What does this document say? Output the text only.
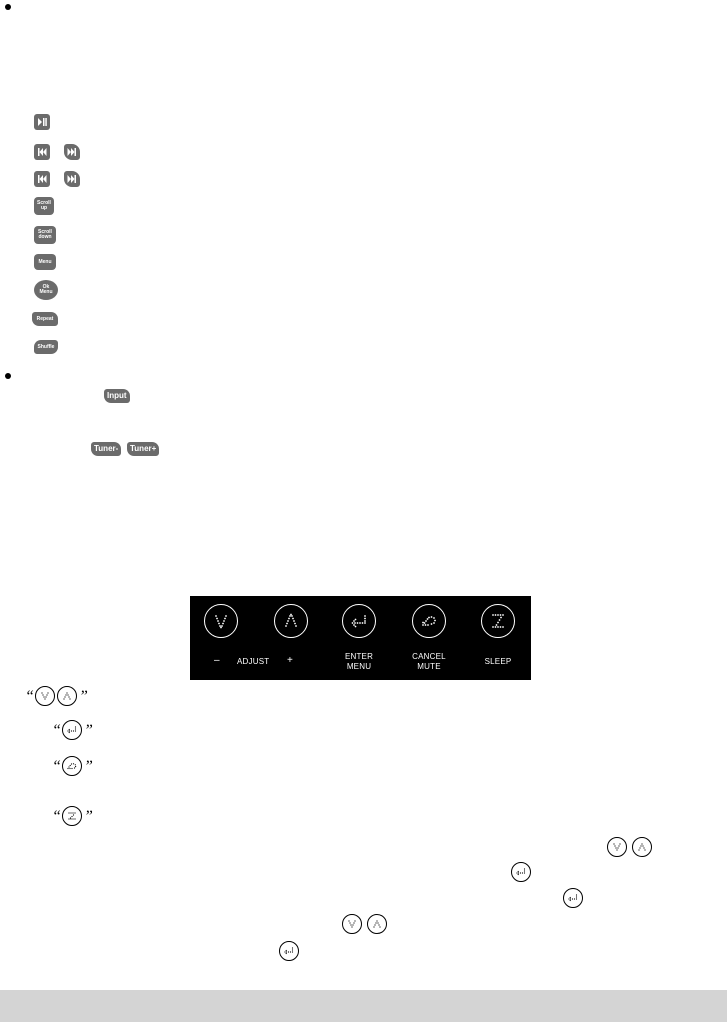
Scroll
up
Scroll
down
Menu
Ok
Menu
Repeat
Shuffle
Input
Tuner-	Tuner+
– ADJUST +	ENTER
MENU
CANCEL
MUTE
SLEEP
“	”
“ ”
“ ”
“ ”
